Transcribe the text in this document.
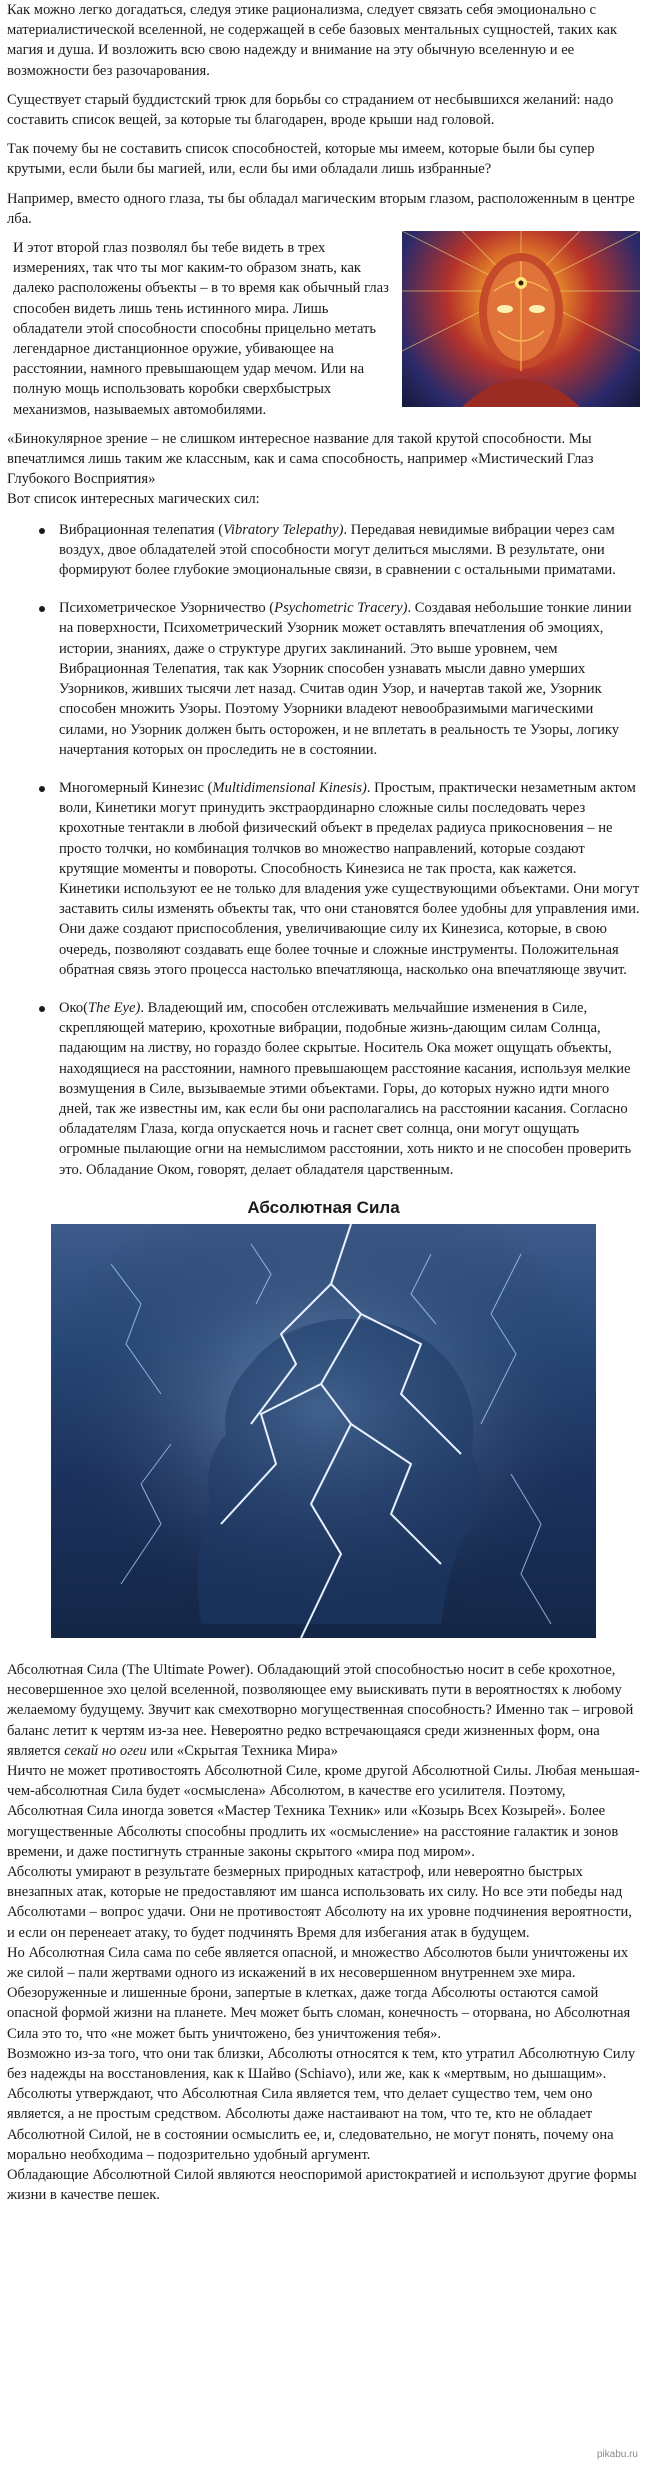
Как можно легко догадаться, следуя этике рационализма, следует связать себя эмоционально с материалистической вселенной, не содержащей в себе базовых ментальных сущностей, таких как магия и душа. И возложить всю свою надежду и внимание на эту обычную вселенную и ее возможности без разочарования.

Существует старый буддистский трюк для борьбы со страданием от несбывшихся желаний: надо составить список вещей, за которые ты благодарен, вроде крыши над головой.

Так почему бы не составить список способностей, которые мы имеем, которые были бы супер крутыми, если были бы магией, или, если бы ими обладали лишь избранные?

Например, вместо одного глаза, ты бы обладал магическим вторым глазом, расположенным в центре лба.

И этот второй глаз позволял бы тебе видеть в трех измерениях, так что ты мог каким-то образом знать, как далеко расположены объекты – в то время как обычный глаз способен видеть лишь тень истинного мира. Лишь обладатели этой способности способны прицельно метать легендарное дистанционное оружие, убивающее на расстоянии, намного превышающем удар мечом. Или на полную мощь использовать коробки сверхбыстрых механизмов, называемых автомобилями.

«Бинокулярное зрение – не слишком интересное название для такой крутой способности. Мы впечатлимся лишь таким же классным, как и сама способность, например «Мистический Глаз Глубокого Восприятия»

Вот список интересных магических сил:

Вибрационная телепатия (Vibratory Telepathy). Передавая невидимые вибрации через сам воздух, двое обладателей этой способности могут делиться мыслями. В результате, они формируют более глубокие эмоциональные связи, в сравнении с остальными приматами.
Психометрическое Узорничество (Psychometric Tracery). Создавая небольшие тонкие линии на поверхности, Психометрический Узорник может оставлять впечатления об эмоциях, истории, знаниях, даже о структуре других заклинаний. Это выше уровнем, чем Вибрационная Телепатия, так как Узорник способен узнавать мысли давно умерших Узорников, живших тысячи лет назад. Считав один Узор, и начертав такой же, Узорник способен множить Узоры. Поэтому Узорники владеют невообразимыми магическими силами, но Узорник должен быть осторожен, и не вплетать в реальность те Узоры, логику начертания которых он проследить не в состоянии.
Многомерный Кинезис (Multidimensional Kinesis). Простым, практически незаметным актом воли, Кинетики могут принудить экстраординарно сложные силы последовать через крохотные тентакли в любой физический объект в пределах радиуса прикосновения – не просто толчки, но комбинация толчков во множество направлений, которые создают крутящие моменты и повороты. Способность Кинезиса не так проста, как кажется. Кинетики используют ее не только для владения уже существующими объектами. Они могут заставить силы изменять объекты так, что они становятся более удобны для управления ими. Они даже создают приспособления, увеличивающие силу их Кинезиса, которые, в свою очередь, позволяют создавать еще более точные и сложные инструменты. Положительная обратная связь этого процесса настолько впечатляюща, насколько она впечатляюще звучит.
Око(The Eye). Владеющий им, способен отслеживать мельчайшие изменения в Силе, скрепляющей материю, крохотные вибрации, подобные жизнь-дающим силам Солнца, падающим на листву, но гораздо более скрытые. Носитель Ока может ощущать объекты, находящиеся на расстоянии, намного превышающем расстояние касания, используя мелкие возмущения в Силе, вызываемые этими объектами. Горы, до которых нужно идти много дней, так же известны им, как если бы они располагались на расстоянии касания. Согласно обладателям Глаза, когда опускается ночь и гаснет свет солнца, они могут ощущать огромные пылающие огни на немыслимом расстоянии, хоть никто и не способен проверить это. Обладание Оком, говорят, делает обладателя царственным.
Абсолютная Сила

Абсолютная Сила (The Ultimate Power). Обладающий этой способностью носит в себе крохотное, несовершенное эхо целой вселенной, позволяющее ему выискивать пути в вероятностях к любому желаемому будущему. Звучит как смехотворно могущественная способность? Именно так – игровой баланс летит к чертям из-за нее. Невероятно редко встречающаяся среди жизненных форм, она является секай но огеи или «Скрытая Техника Мира»

Ничто не может противостоять Абсолютной Силе, кроме другой Абсолютной Силы. Любая меньшая-чем-абсолютная Сила будет «осмыслена» Абсолютом, в качестве его усилителя. Поэтому, Абсолютная Сила иногда зовется «Мастер Техника Техник» или «Козырь Всех Козырей». Более могущественные Абсолюты способны продлить их «осмысление» на расстояние галактик и зонов времени, и даже постигнуть странные законы скрытого «мира под миром».

Абсолюты умирают в результате безмерных природных катастроф, или невероятно быстрых внезапных атак, которые не предоставляют им шанса использовать их силу. Но все эти победы над Абсолютами – вопрос удачи. Они не противостоят Абсолюту на их уровне подчинения вероятности, и если он перенеает атаку, то будет подчинять Время для избегания атак в будущем.

Но Абсолютная Сила сама по себе является опасной, и множество Абсолютов были уничтожены их же силой – пали жертвами одного из искажений в их несовершенном внутреннем эхе мира.

Обезоруженные и лишенные брони, запертые в клетках, даже тогда Абсолюты остаются самой опасной формой жизни на планете. Меч может быть сломан, конечность – оторвана, но Абсолютная Сила это то, что «не может быть уничтожено, без уничтожения тебя».

Возможно из-за того, что они так близки, Абсолюты относятся к тем, кто утратил Абсолютную Силу без надежды на восстановления, как к Шайво (Schiavo), или же, как к «мертвым, но дышащим». Абсолюты утверждают, что Абсолютная Сила является тем, что делает существо тем, чем оно является, а не простым средством. Абсолюты даже настаивают на том, что те, кто не обладает Абсолютной Силой, не в состоянии осмыслить ее, и, следовательно, не могут понять, почему она морально необходима – подозрительно удобный аргумент.

Обладающие Абсолютной Силой являются неоспоримой аристократией и используют другие формы жизни в качестве пешек.

pikabu.ru
